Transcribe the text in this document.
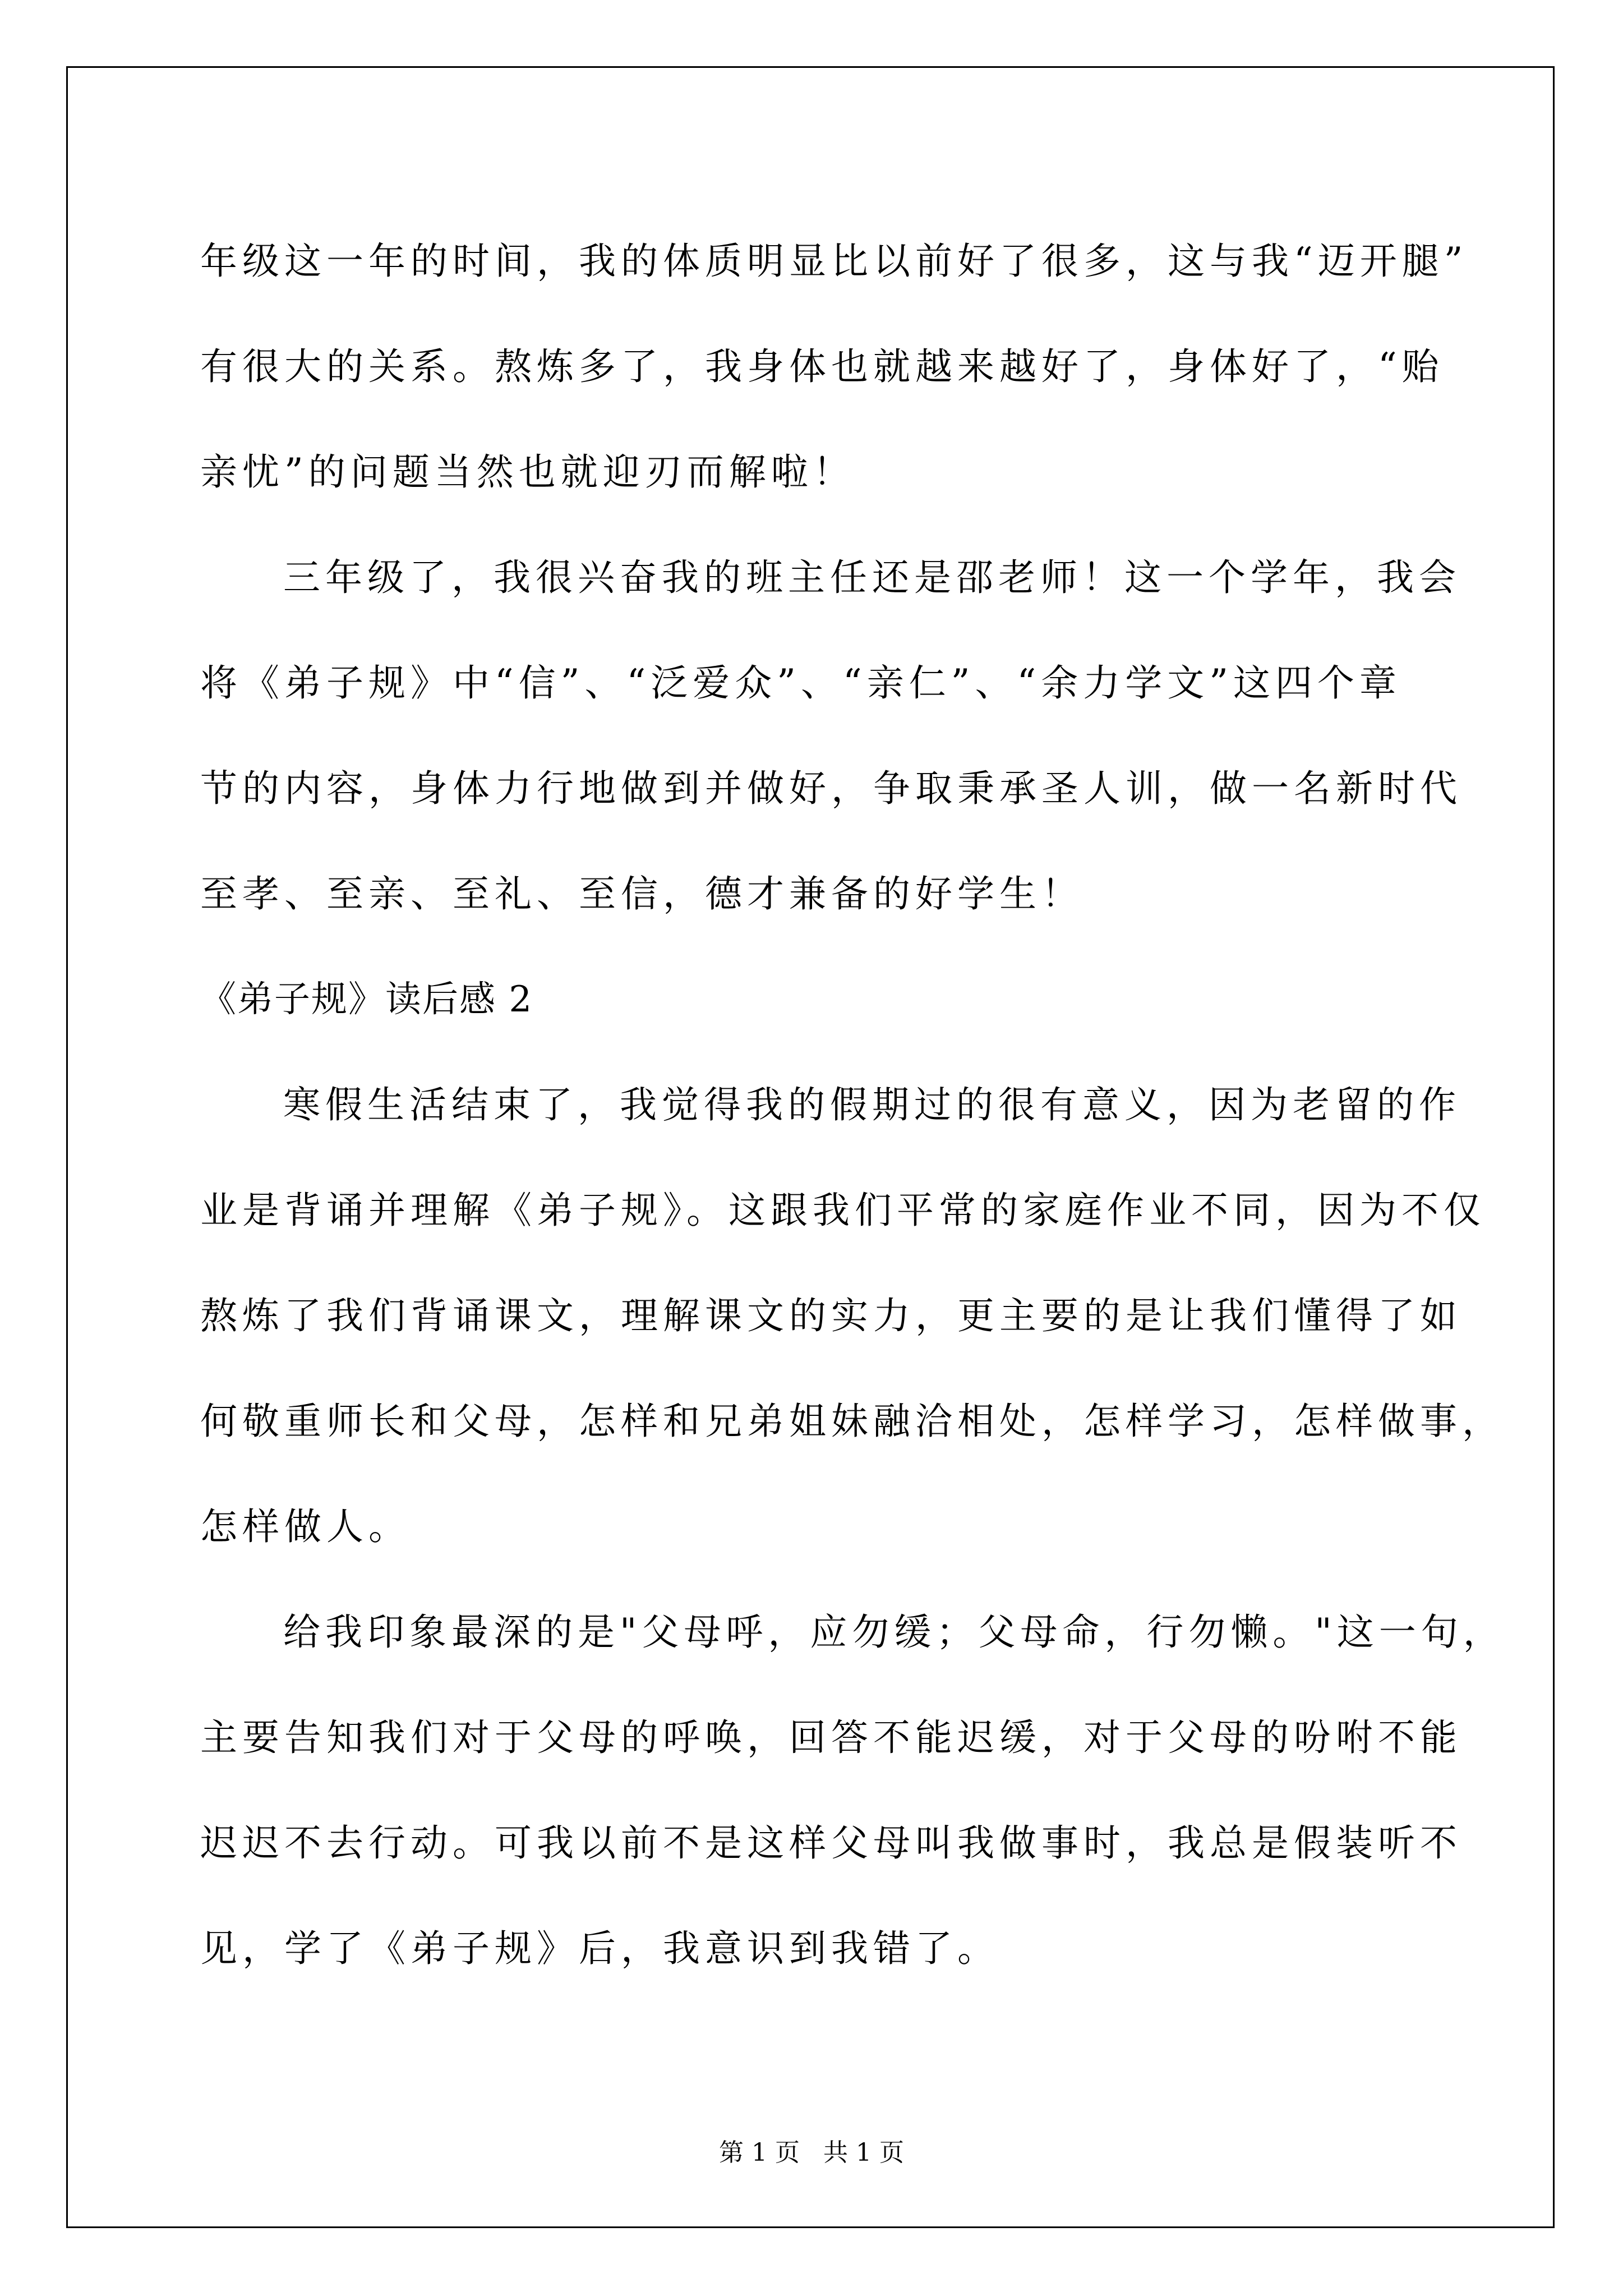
年级这一年的时间，我的体质明显比以前好了很多，这与我“迈开腿”
有很大的关系。熬炼多了，我身体也就越来越好了，身体好了，“贻
亲忧”的问题当然也就迎刃而解啦！
三年级了，我很兴奋我的班主任还是邵老师！这一个学年，我会
将《弟子规》中“信”、“泛爱众”、“亲仁”、“余力学文”这四个章
节的内容，身体力行地做到并做好，争取秉承圣人训，做一名新时代
至孝、至亲、至礼、至信，德才兼备的好学生！
《弟子规》读后感 2
寒假生活结束了，我觉得我的假期过的很有意义，因为老留的作
业是背诵并理解《弟子规》。这跟我们平常的家庭作业不同，因为不仅
熬炼了我们背诵课文，理解课文的实力，更主要的是让我们懂得了如
何敬重师长和父母，怎样和兄弟姐妹融洽相处，怎样学习，怎样做事，
怎样做人。
给我印象最深的是"父母呼，应勿缓；父母命，行勿懒。"这一句，
主要告知我们对于父母的呼唤，回答不能迟缓，对于父母的吩咐不能
迟迟不去行动。可我以前不是这样父母叫我做事时，我总是假装听不
见，学了《弟子规》后，我意识到我错了。
第 1 页 共 1 页
